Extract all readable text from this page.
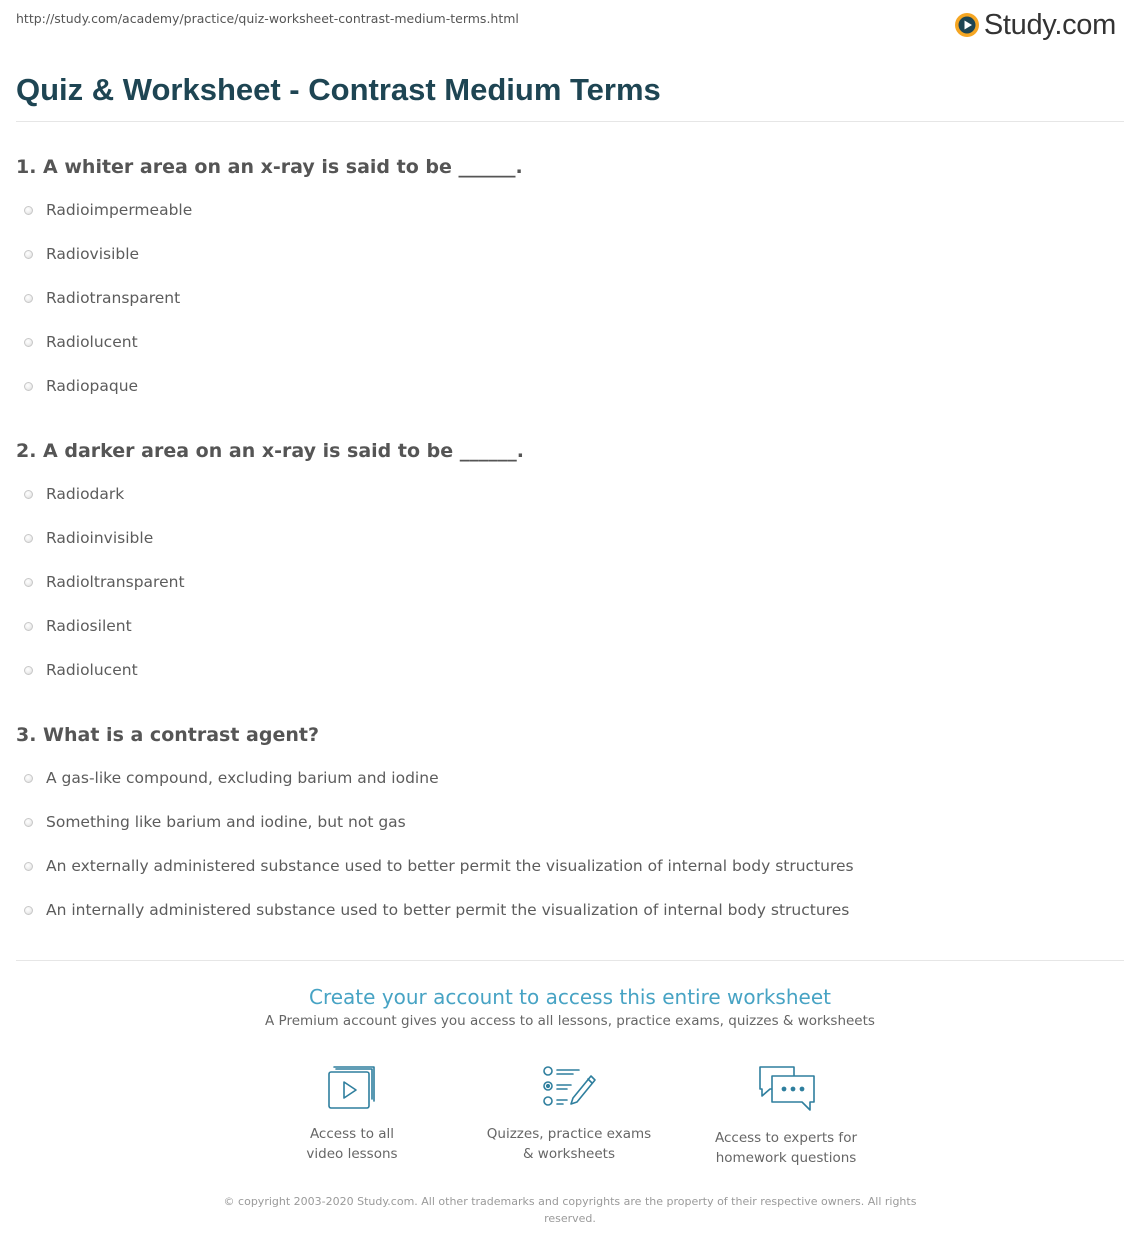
http://study.com/academy/practice/quiz-worksheet-contrast-medium-terms.html	Study.com
Quiz & Worksheet - Contrast Medium Terms
1. A whiter area on an x-ray is said to be ______.
Radioimpermeable
Radiovisible
Radiotransparent
Radiolucent
Radiopaque
2. A darker area on an x-ray is said to be ______.
Radiodark
Radioinvisible
Radioltransparent
Radiosilent
Radiolucent
3. What is a contrast agent?
A gas-like compound, excluding barium and iodine
Something like barium and iodine, but not gas
An externally administered substance used to better permit the visualization of internal body structures
An internally administered substance used to better permit the visualization of internal body structures
Create your account to access this entire worksheet
A Premium account gives you access to all lessons, practice exams, quizzes & worksheets
Access to all
video lessons
Quizzes, practice exams
& worksheets
Access to experts for
homework questions
© copyright 2003-2020 Study.com. All other trademarks and copyrights are the property of their respective owners. All rights reserved.
